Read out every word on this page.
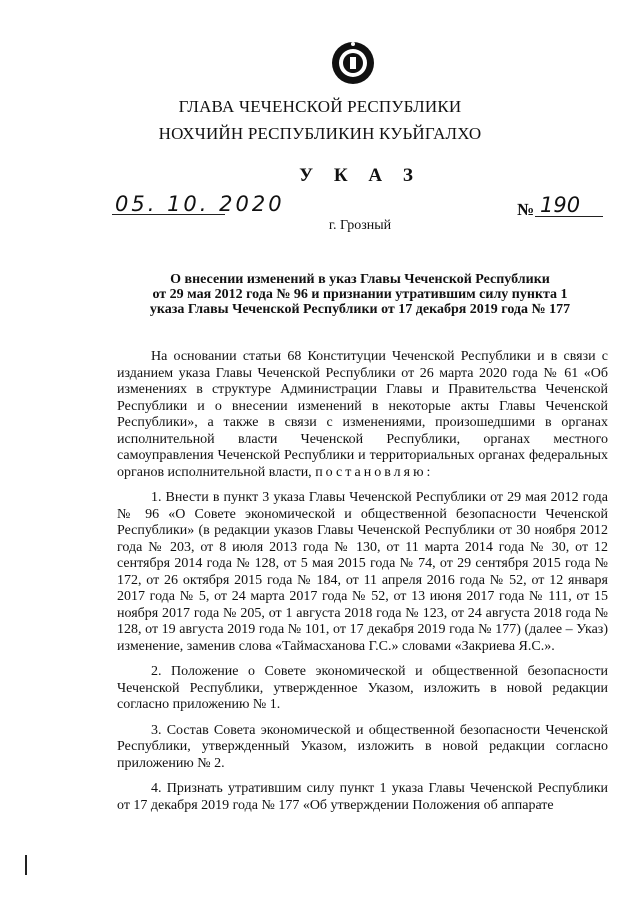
ГЛАВА ЧЕЧЕНСКОЙ РЕСПУБЛИКИ
НОХЧИЙН РЕСПУБЛИКИН КУЬЙГАЛХО
У К А З
05. 10. 2020	№ 190
г. Грозный
О внесении изменений в указ Главы Чеченской Республики
от 29 мая 2012 года № 96 и признании утратившим силу пункта 1
указа Главы Чеченской Республики от 17 декабря 2019 года № 177

На основании статьи 68 Конституции Чеченской Республики и в связи с изданием указа Главы Чеченской Республики от 26 марта 2020 года № 61 «Об изменениях в структуре Администрации Главы и Правительства Чеченской Республики и о внесении изменений в некоторые акты Главы Чеченской Республики», а также в связи с изменениями, произошедшими в органах исполнительной власти Чеченской Республики, органах местного самоуправления Чеченской Республики и территориальных органах федеральных органов исполнительной власти, постановляю:

1. Внести в пункт 3 указа Главы Чеченской Республики от 29 мая 2012 года № 96 «О Совете экономической и общественной безопасности Чеченской Республики» (в редакции указов Главы Чеченской Республики от 30 ноября 2012 года № 203, от 8 июля 2013 года № 130, от 11 марта 2014 года № 30, от 12 сентября 2014 года № 128, от 5 мая 2015 года № 74, от 29 сентября 2015 года № 172, от 26 октября 2015 года № 184, от 11 апреля 2016 года № 52, от 12 января 2017 года № 5, от 24 марта 2017 года № 52, от 13 июня 2017 года № 111, от 15 ноября 2017 года № 205, от 1 августа 2018 года № 123, от 24 августа 2018 года № 128, от 19 августа 2019 года № 101, от 17 декабря 2019 года № 177) (далее – Указ) изменение, заменив слова «Таймасханова Г.С.» словами «Закриева Я.С.».

2. Положение о Совете экономической и общественной безопасности Чеченской Республики, утвержденное Указом, изложить в новой редакции согласно приложению № 1.

3. Состав Совета экономической и общественной безопасности Чеченской Республики, утвержденный Указом, изложить в новой редакции согласно приложению № 2.

4. Признать утратившим силу пункт 1 указа Главы Чеченской Республики от 17 декабря 2019 года № 177 «Об утверждении Положения об аппарате
